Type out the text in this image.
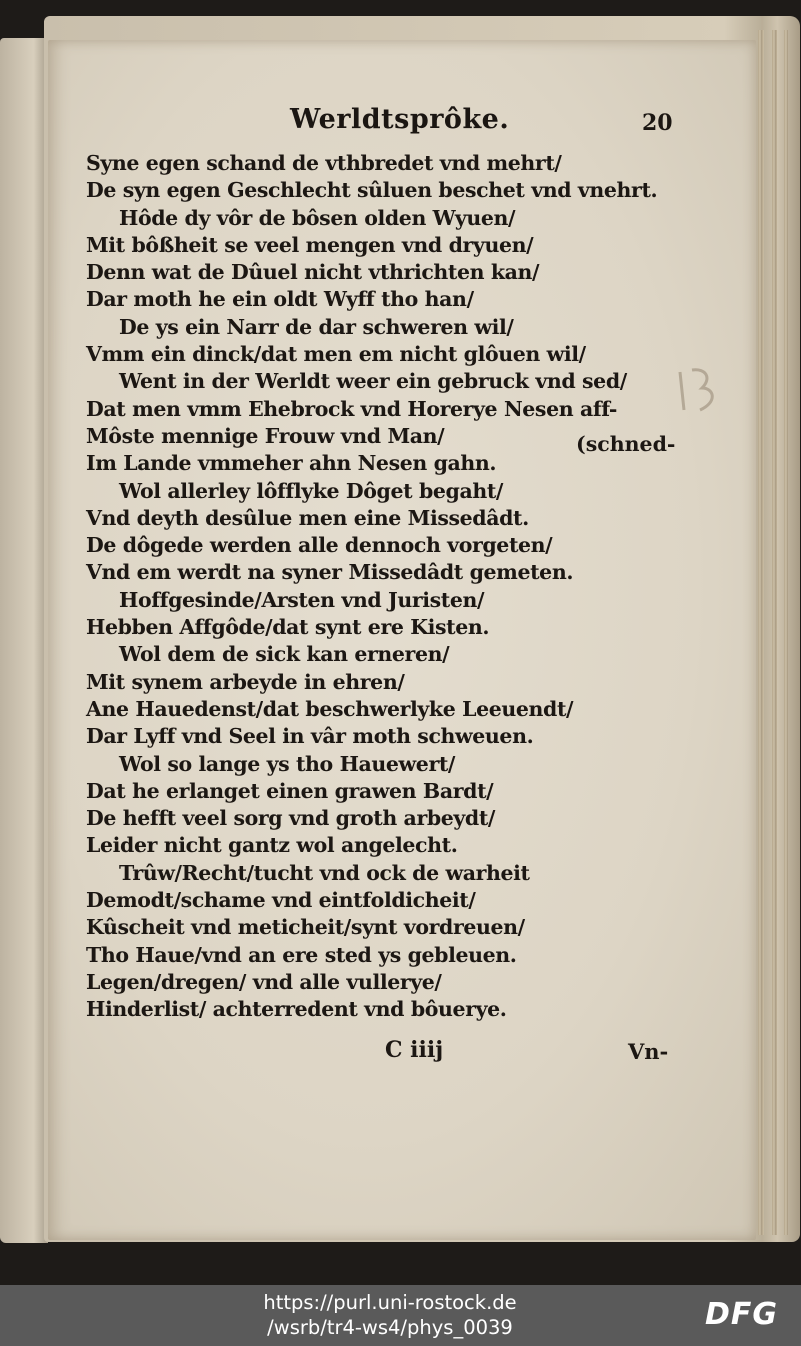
Werldtsprôke.	20
Syne egen schand de vthbredet vnd mehrt/
De syn egen Geschlecht sûluen beschet vnd vnehrt.
Hôde dy vôr de bôsen olden Wyuen/
Mit bôßheit se veel mengen vnd dryuen/
Denn wat de Dûuel nicht vthrichten kan/
Dar moth he ein oldt Wyff tho han/
De ys ein Narr de dar schweren wil/
Vmm ein dinck/dat men em nicht glôuen wil/
Went in der Werldt weer ein gebruck vnd sed/
Dat men vmm Ehebrock vnd Horerye Nesen aff-
Môste mennige Frouw vnd Man/
Im Lande vmmeher ahn Nesen gahn.
Wol allerley lôfflyke Dôget begaht/
Vnd deyth desûlue men eine Missedâdt.
De dôgede werden alle dennoch vorgeten/
Vnd em werdt na syner Missedâdt gemeten.
Hoffgesinde/Arsten vnd Juristen/
Hebben Affgôde/dat synt ere Kisten.
Wol dem de sick kan erneren/
Mit synem arbeyde in ehren/
Ane Hauedenst/dat beschwerlyke Leeuendt/
Dar Lyff vnd Seel in vâr moth schweuen.
Wol so lange ys tho Hauewert/
Dat he erlanget einen grawen Bardt/
De hefft veel sorg vnd groth arbeydt/
Leider nicht gantz wol angelecht.
Trûw/Recht/tucht vnd ock de warheit
Demodt/schame vnd eintfoldicheit/
Kûscheit vnd meticheit/synt vordreuen/
Tho Haue/vnd an ere sted ys gebleuen.
Legen/dregen/ vnd alle vullerye/
Hinderlist/ achterredent vnd bôuerye.
(schned-
C iiij	Vn-
https://purl.uni-rostock.de
/wsrb/tr4-ws4/phys_0039	DFG
